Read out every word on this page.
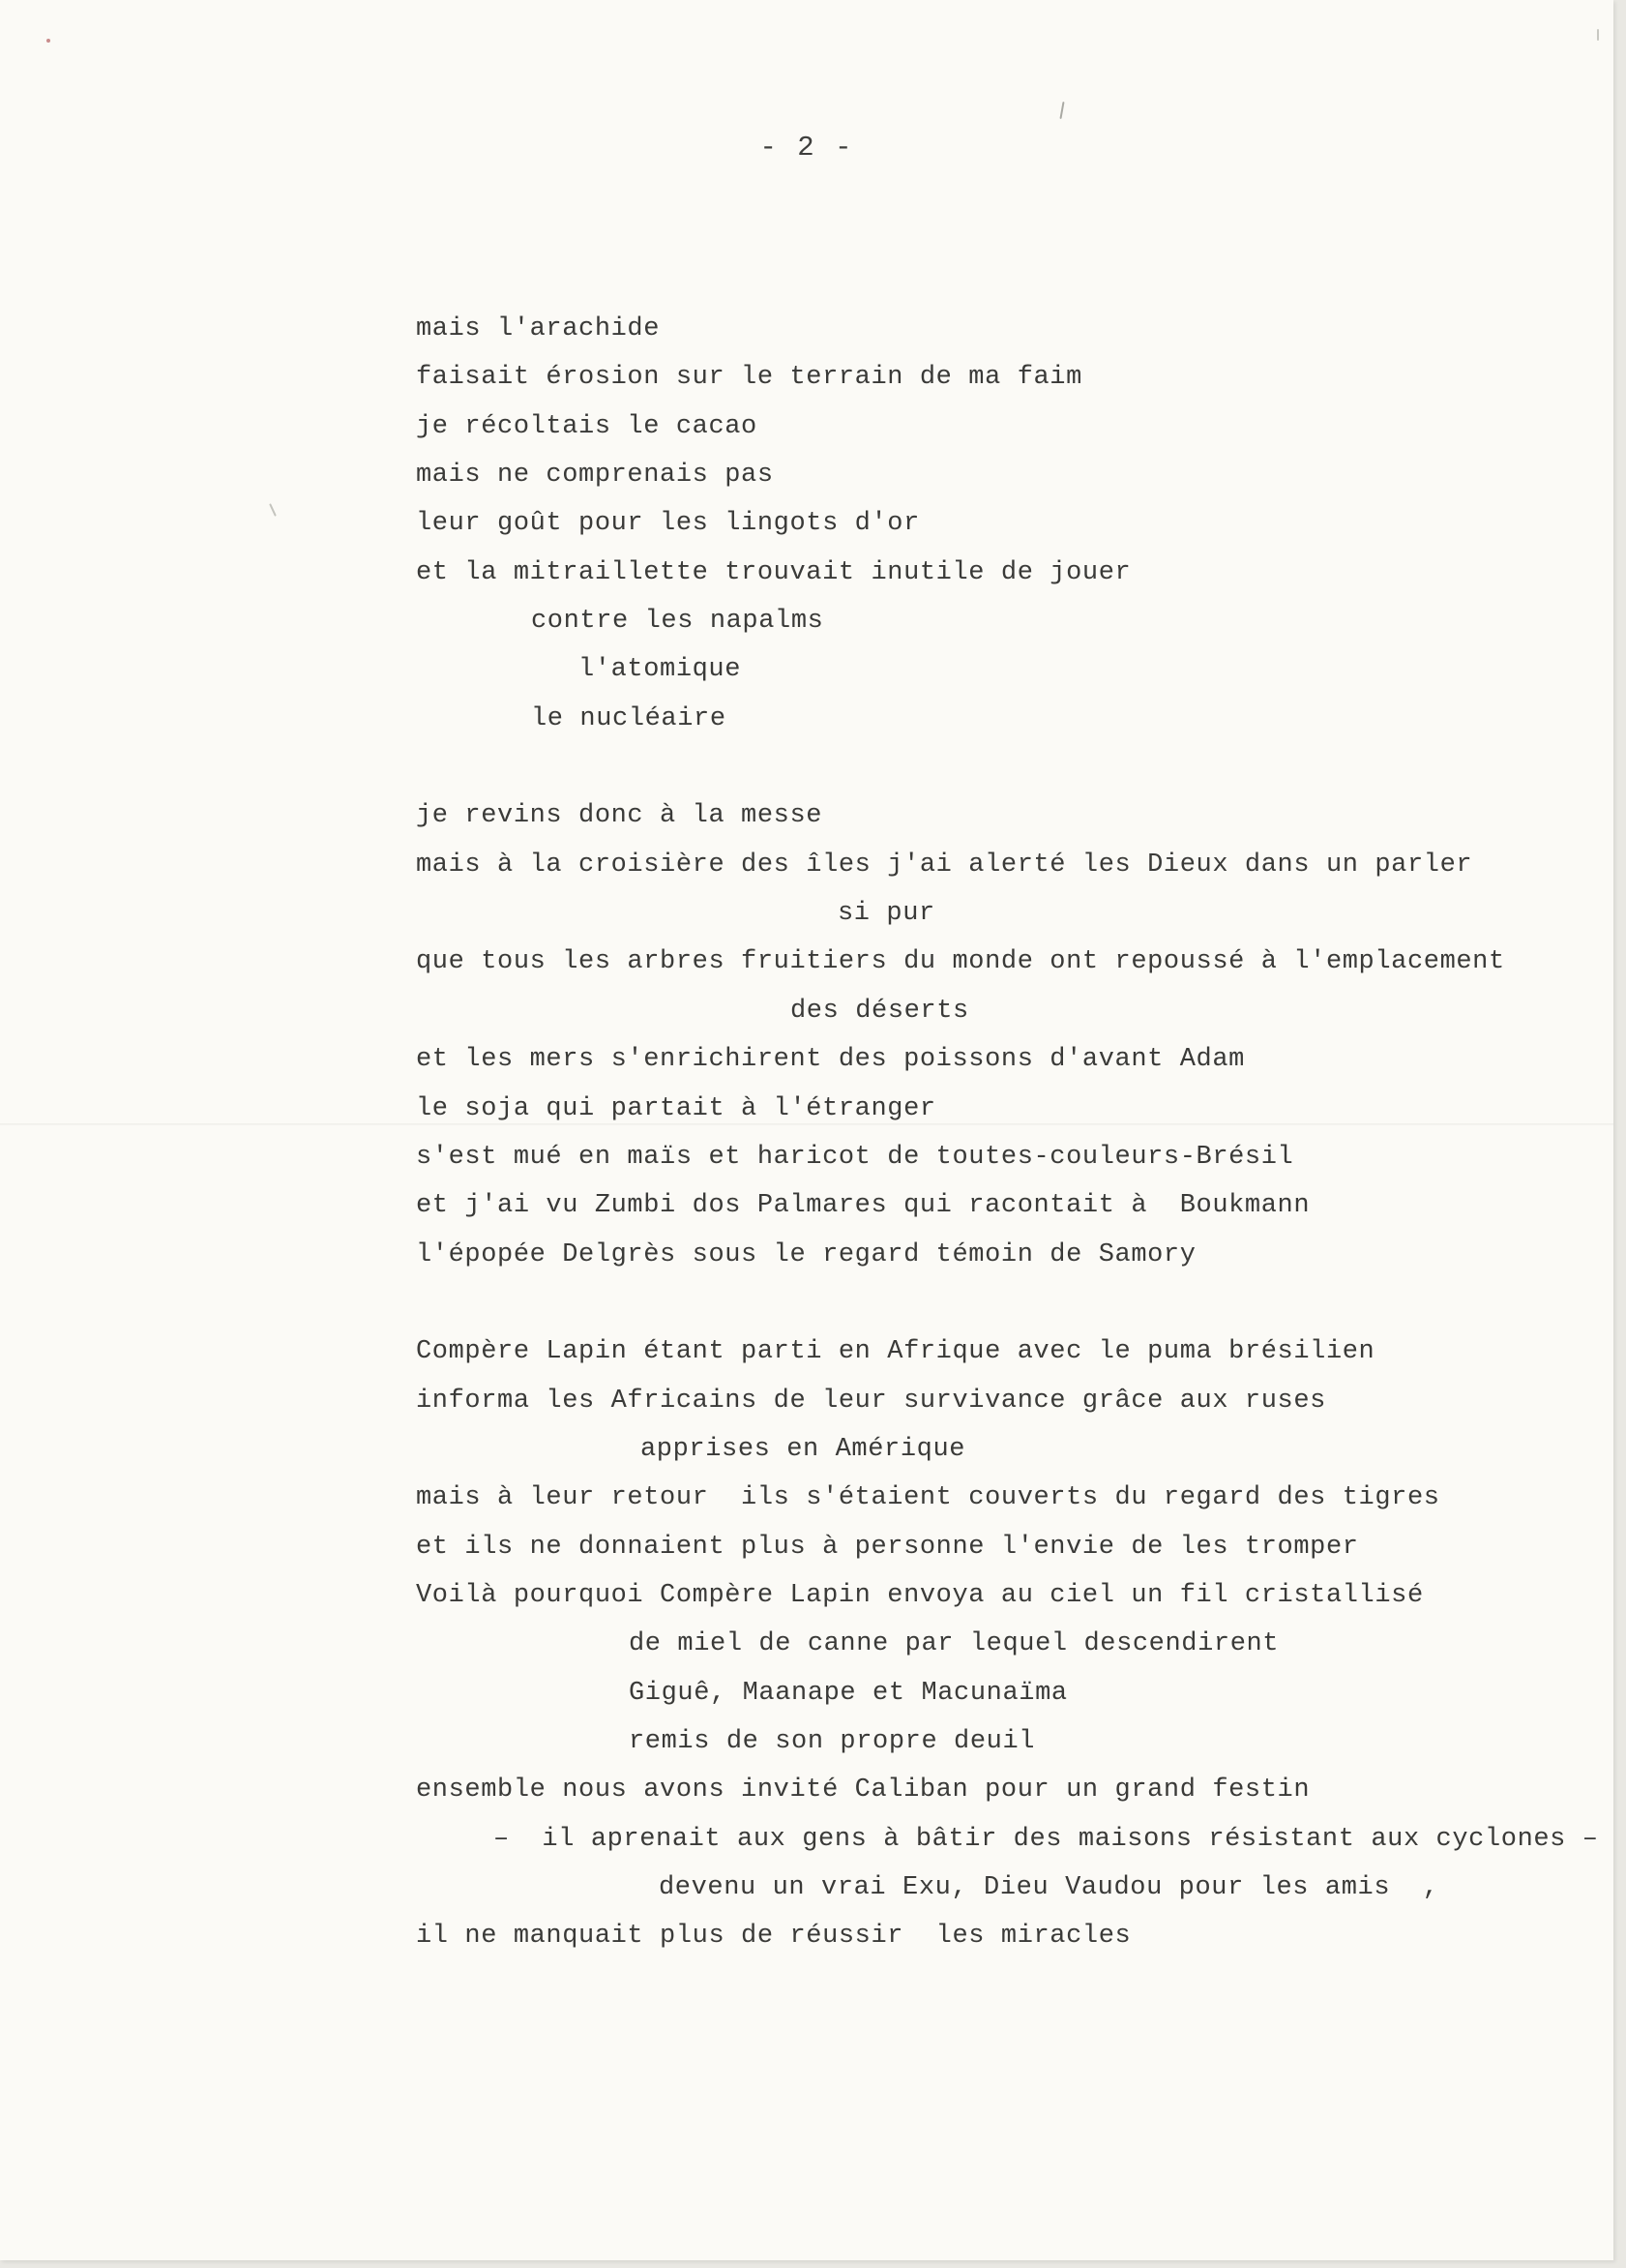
- 2 -
mais l'arachide
faisait érosion sur le terrain de ma faim
je récoltais le cacao
mais ne comprenais pas
leur goût pour les lingots d'or
et la mitraillette trouvait inutile de jouer
contre les napalms
l'atomique
le nucléaire
je revins donc à la messe
mais à la croisière des îles j'ai alerté les Dieux dans un parler
si pur
que tous les arbres fruitiers du monde ont repoussé à l'emplacement
des déserts
et les mers s'enrichirent des poissons d'avant Adam
le soja qui partait à l'étranger
s'est mué en maïs et haricot de toutes-couleurs-Brésil
et j'ai vu Zumbi dos Palmares qui racontait à  Boukmann
l'épopée Delgrès sous le regard témoin de Samory
Compère Lapin étant parti en Afrique avec le puma brésilien
informa les Africains de leur survivance grâce aux ruses
apprises en Amérique
mais à leur retour  ils s'étaient couverts du regard des tigres
et ils ne donnaient plus à personne l'envie de les tromper
Voilà pourquoi Compère Lapin envoya au ciel un fil cristallisé
de miel de canne par lequel descendirent
Giguê, Maanape et Macunaïma
remis de son propre deuil
ensemble nous avons invité Caliban pour un grand festin
–  il aprenait aux gens à bâtir des maisons résistant aux cyclones –
devenu un vrai Exu, Dieu Vaudou pour les amis  ,
il ne manquait plus de réussir  les miracles
